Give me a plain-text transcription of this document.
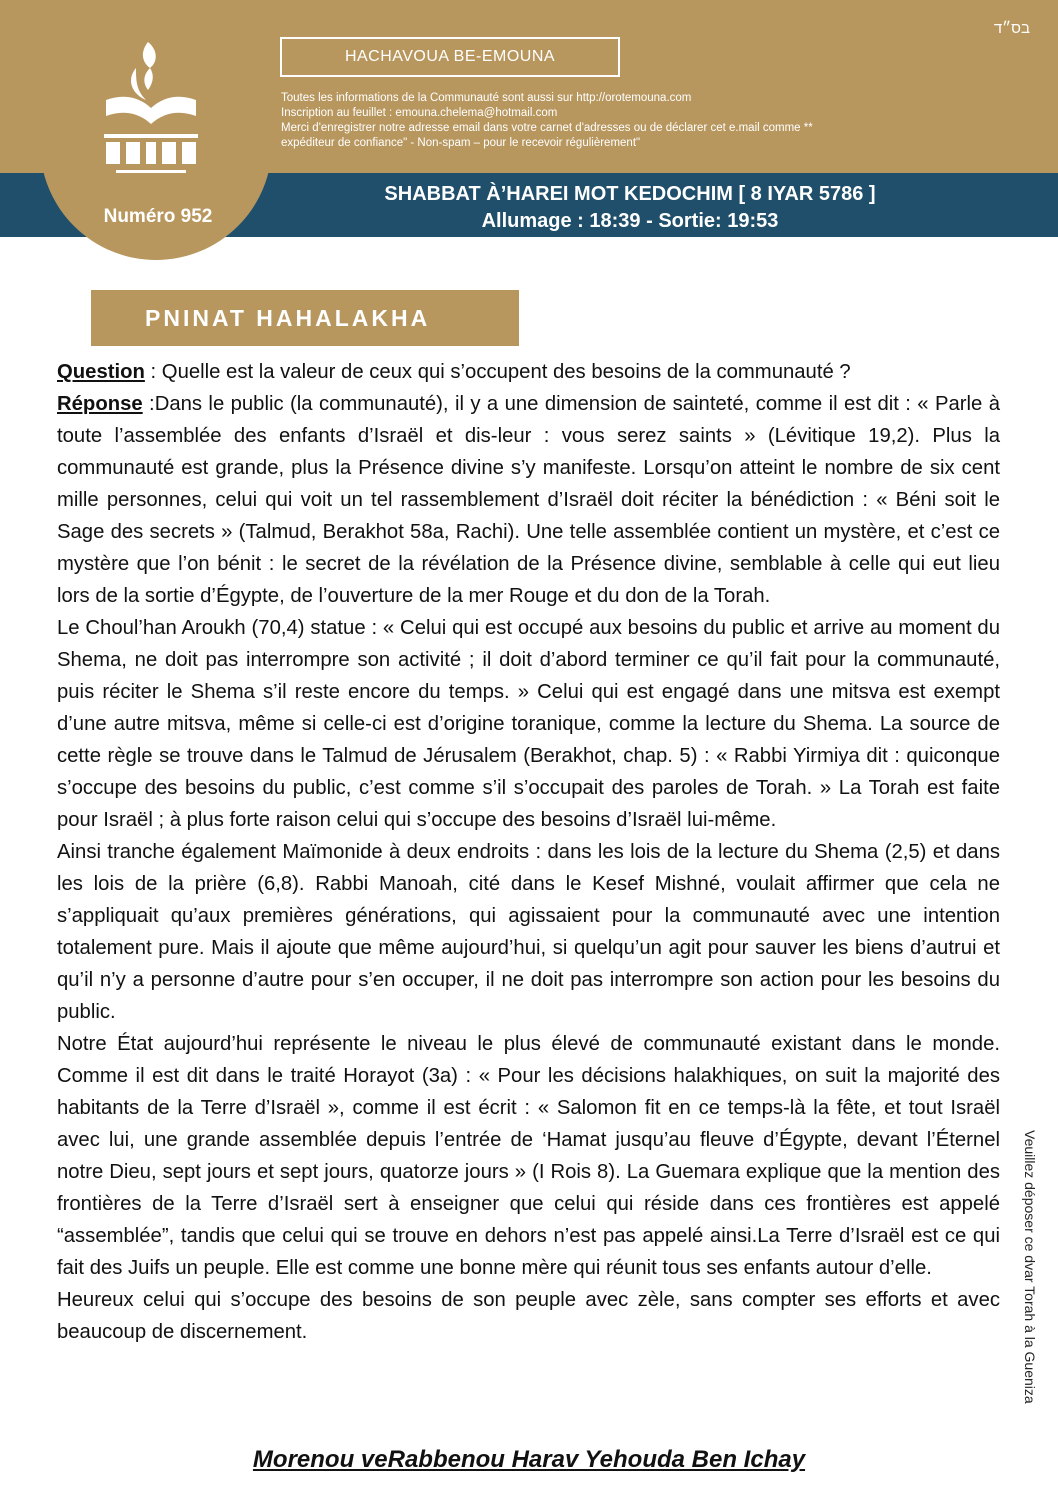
בס״ד
HACHAVOUA BE-EMOUNA
Toutes les informations de la Communauté sont aussi sur http://orotemouna.com
Inscription au feuillet : emouna.chelema@hotmail.com
Merci d'enregistrer notre adresse email dans votre carnet d'adresses ou de déclarer cet e.mail comme **
expéditeur de confiance" - Non-spam – pour le recevoir régulièrement"
Numéro 952
SHABBAT À’HAREI MOT KEDOCHIM [ 8 IYAR 5786 ]
Allumage : 18:39 - Sortie: 19:53
PNINAT HAHALAKHA

Question : Quelle est la valeur de ceux qui s’occupent des besoins de la communauté ?

Réponse :Dans le public (la communauté), il y a une dimension de sainteté, comme il est dit : « Parle à toute l’assemblée des enfants d’Israël et dis-leur : vous serez saints » (Lévitique 19,2). Plus la communauté est grande, plus la Présence divine s’y manifeste. Lorsqu’on atteint le nombre de six cent mille personnes, celui qui voit un tel rassemblement d’Israël doit réciter la bénédiction : « Béni soit le Sage des secrets » (Talmud, Berakhot 58a, Rachi). Une telle assemblée contient un mystère, et c’est ce mystère que l’on bénit : le secret de la révélation de la Présence divine, semblable à celle qui eut lieu lors de la sortie d’Égypte, de l’ouverture de la mer Rouge et du don de la Torah.

Le Choul’han Aroukh (70,4) statue : « Celui qui est occupé aux besoins du public et arrive au moment du Shema, ne doit pas interrompre son activité ; il doit d’abord terminer ce qu’il fait pour la communauté, puis réciter le Shema s’il reste encore du temps. » Celui qui est engagé dans une mitsva est exempt d’une autre mitsva, même si celle-ci est d’origine toranique, comme la lecture du Shema. La source de cette règle se trouve dans le Talmud de Jérusalem (Berakhot, chap. 5) : « Rabbi Yirmiya dit : quiconque s’occupe des besoins du public, c’est comme s’il s’occupait des paroles de Torah. » La Torah est faite pour Israël ; à plus forte raison celui qui s’occupe des besoins d’Israël lui-même.

Ainsi tranche également Maïmonide à deux endroits : dans les lois de la lecture du Shema (2,5) et dans les lois de la prière (6,8). Rabbi Manoah, cité dans le Kesef Mishné, voulait affirmer que cela ne s’appliquait qu’aux premières générations, qui agissaient pour la communauté avec une intention totalement pure. Mais il ajoute que même aujourd’hui, si quelqu’un agit pour sauver les biens d’autrui et qu’il n’y a personne d’autre pour s’en occuper, il ne doit pas interrompre son action pour les besoins du public.

Notre État aujourd’hui représente le niveau le plus élevé de communauté existant dans le monde. Comme il est dit dans le traité Horayot (3a) : « Pour les décisions halakhiques, on suit la majorité des habitants de la Terre d’Israël », comme il est écrit : « Salomon fit en ce temps-là la fête, et tout Israël avec lui, une grande assemblée depuis l’entrée de ‘Hamat jusqu’au fleuve d’Égypte, devant l’Éternel notre Dieu, sept jours et sept jours, quatorze jours » (I Rois 8). La Guemara explique que la mention des frontières de la Terre d’Israël sert à enseigner que celui qui réside dans ces frontières est appelé “assemblée”, tandis que celui qui se trouve en dehors n’est pas appelé ainsi.La Terre d’Israël est ce qui fait des Juifs un peuple. Elle est comme une bonne mère qui réunit tous ses enfants autour d’elle.

Heureux celui qui s’occupe des besoins de son peuple avec zèle, sans compter ses efforts et avec beaucoup de discernement.

Morenou veRabbenou Harav Yehouda Ben Ichay
Veuillez déposer ce dvar Torah à la Guenizа
